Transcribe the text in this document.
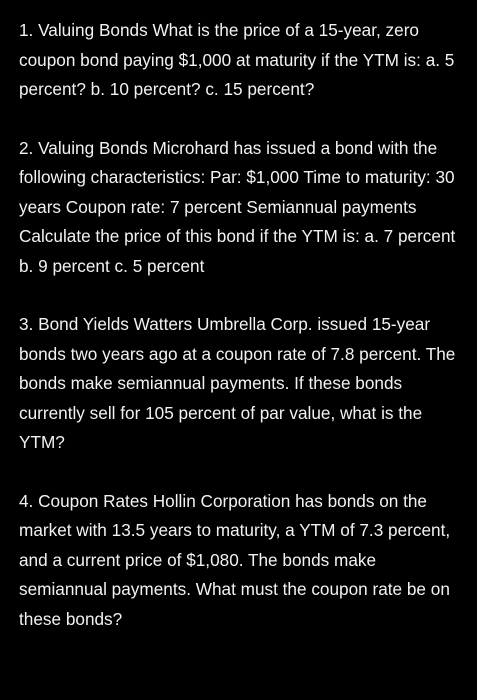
1. Valuing Bonds What is the price of a 15-year, zero coupon bond paying $1,000 at maturity if the YTM is: a. 5 percent? b. 10 percent? c. 15 percent?

2. Valuing Bonds Microhard has issued a bond with the following characteristics: Par: $1,000 Time to maturity: 30 years Coupon rate: 7 percent Semiannual payments Calculate the price of this bond if the YTM is: a. 7 percent b. 9 percent c. 5 percent

3. Bond Yields Watters Umbrella Corp. issued 15-year bonds two years ago at a coupon rate of 7.8 percent. The bonds make semiannual payments. If these bonds currently sell for 105 percent of par value, what is the YTM?

4. Coupon Rates Hollin Corporation has bonds on the market with 13.5 years to maturity, a YTM of 7.3 percent, and a current price of $1,080. The bonds make semiannual payments. What must the coupon rate be on these bonds?
